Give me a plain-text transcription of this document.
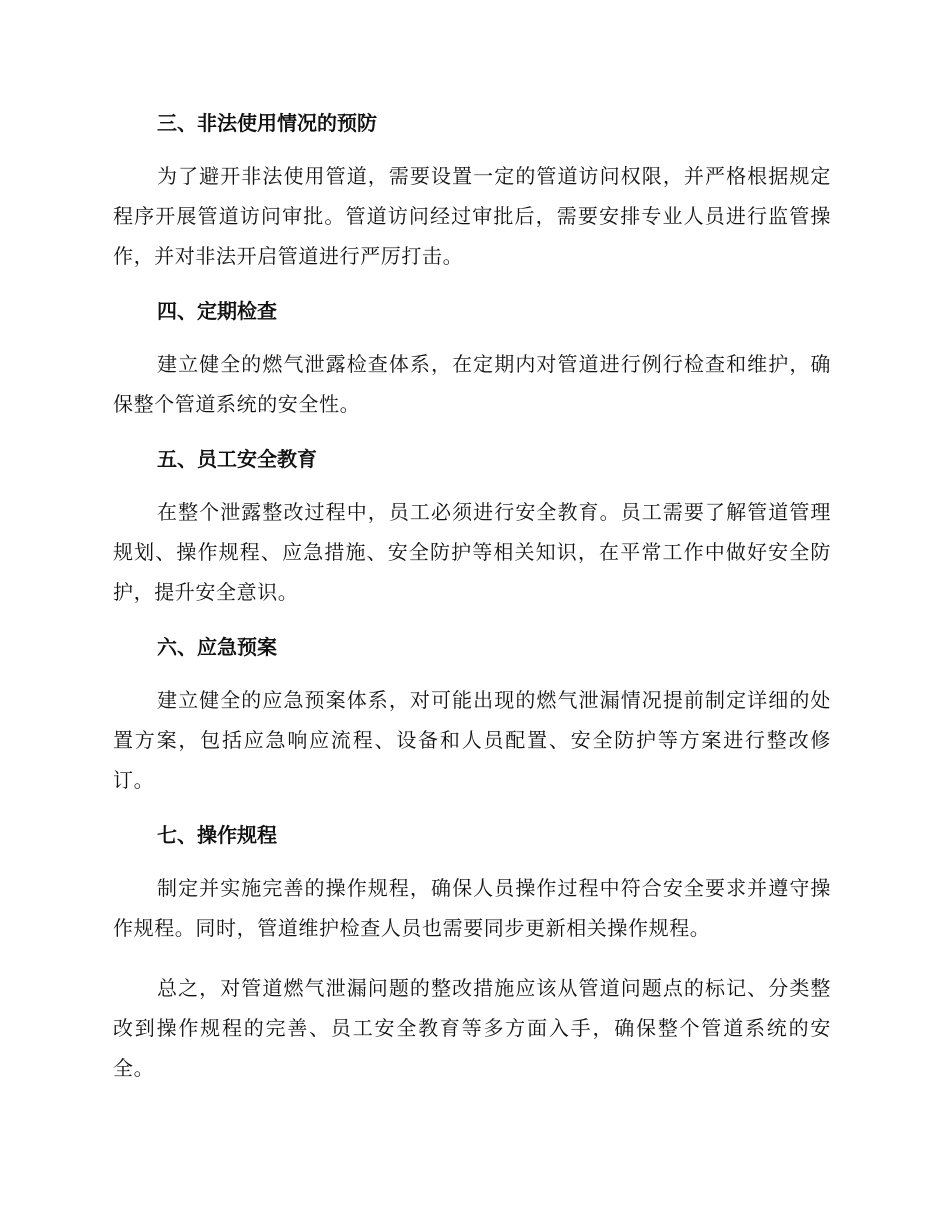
三、非法使用情况的预防

为了避开非法使用管道，需要设置一定的管道访问权限，并严格根据规定程序开展管道访问审批。管道访问经过审批后，需要安排专业人员进行监管操作，并对非法开启管道进行严厉打击。

四、定期检查

建立健全的燃气泄露检查体系，在定期内对管道进行例行检查和维护，确保整个管道系统的安全性。

五、员工安全教育

在整个泄露整改过程中，员工必须进行安全教育。员工需要了解管道管理规划、操作规程、应急措施、安全防护等相关知识，在平常工作中做好安全防护，提升安全意识。

六、应急预案

建立健全的应急预案体系，对可能出现的燃气泄漏情况提前制定详细的处置方案，包括应急响应流程、设备和人员配置、安全防护等方案进行整改修订。

七、操作规程

制定并实施完善的操作规程，确保人员操作过程中符合安全要求并遵守操作规程。同时，管道维护检查人员也需要同步更新相关操作规程。

总之，对管道燃气泄漏问题的整改措施应该从管道问题点的标记、分类整改到操作规程的完善、员工安全教育等多方面入手，确保整个管道系统的安全。
